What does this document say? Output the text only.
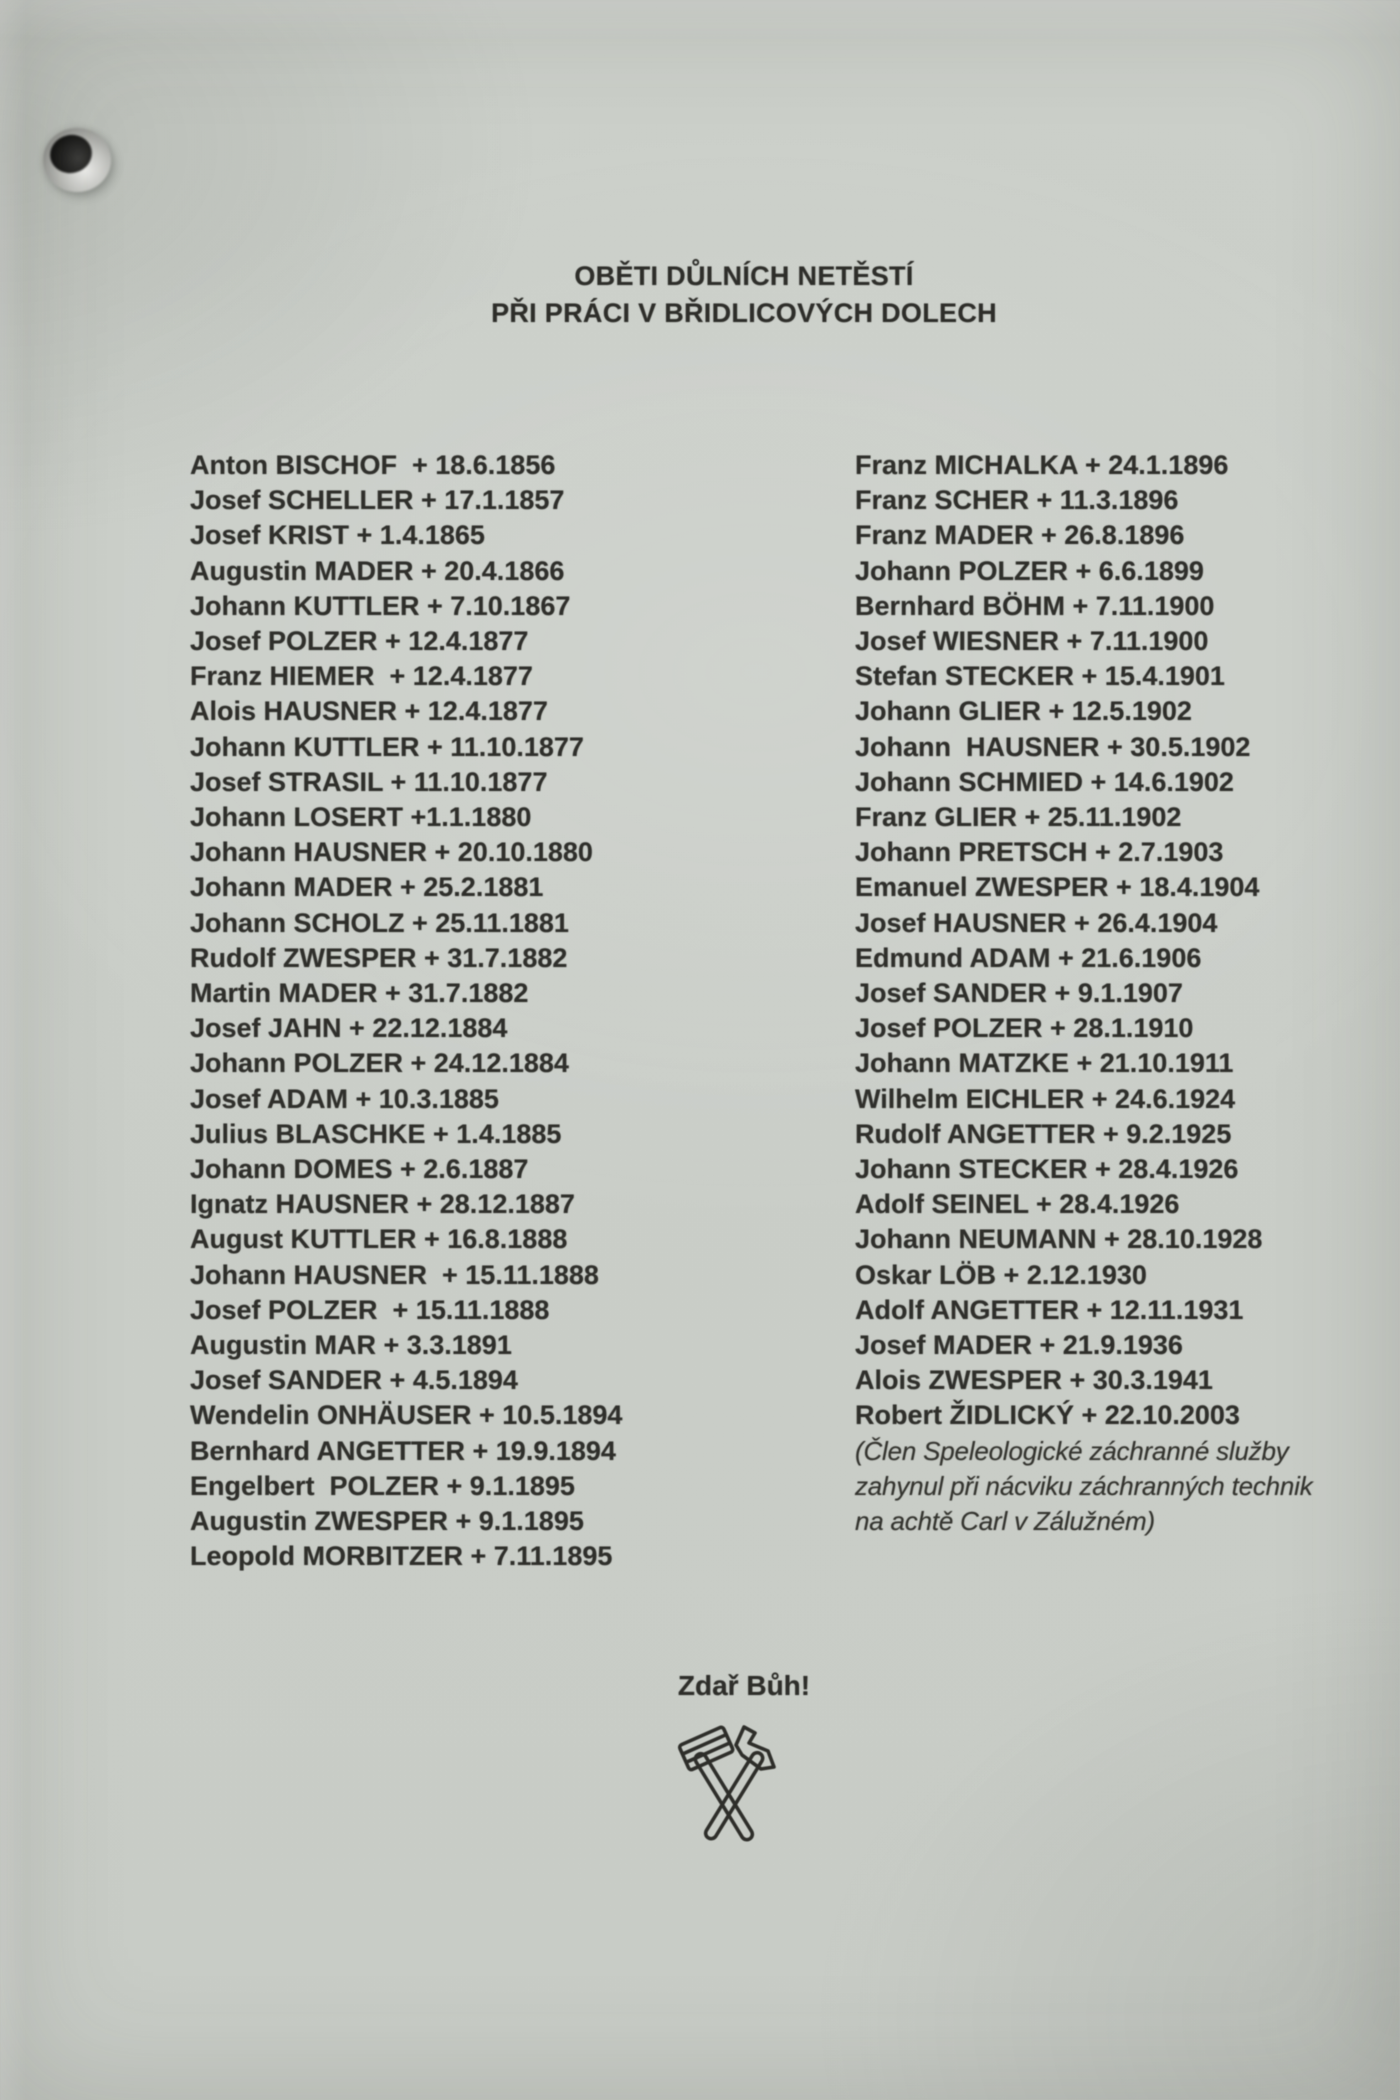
OBĚTI DŮLNÍCH NETĚSTÍ
PŘI PRÁCI V BŘIDLICOVÝCH DOLECH
Anton BISCHOF  + 18.6.1856
Josef SCHELLER + 17.1.1857
Josef KRIST + 1.4.1865
Augustin MADER + 20.4.1866
Johann KUTTLER + 7.10.1867
Josef POLZER + 12.4.1877
Franz HIEMER  + 12.4.1877
Alois HAUSNER + 12.4.1877
Johann KUTTLER + 11.10.1877
Josef STRASIL + 11.10.1877
Johann LOSERT +1.1.1880
Johann HAUSNER + 20.10.1880
Johann MADER + 25.2.1881
Johann SCHOLZ + 25.11.1881
Rudolf ZWESPER + 31.7.1882
Martin MADER + 31.7.1882
Josef JAHN + 22.12.1884
Johann POLZER + 24.12.1884
Josef ADAM + 10.3.1885
Julius BLASCHKE + 1.4.1885
Johann DOMES + 2.6.1887
Ignatz HAUSNER + 28.12.1887
August KUTTLER + 16.8.1888
Johann HAUSNER  + 15.11.1888
Josef POLZER  + 15.11.1888
Augustin MAR + 3.3.1891
Josef SANDER + 4.5.1894
Wendelin ONHÄUSER + 10.5.1894
Bernhard ANGETTER + 19.9.1894
Engelbert  POLZER + 9.1.1895
Augustin ZWESPER + 9.1.1895
Leopold MORBITZER + 7.11.1895
Franz MICHALKA + 24.1.1896
Franz SCHER + 11.3.1896
Franz MADER + 26.8.1896
Johann POLZER + 6.6.1899
Bernhard BÖHM + 7.11.1900
Josef WIESNER + 7.11.1900
Stefan STECKER + 15.4.1901
Johann GLIER + 12.5.1902
Johann  HAUSNER + 30.5.1902
Johann SCHMIED + 14.6.1902
Franz GLIER + 25.11.1902
Johann PRETSCH + 2.7.1903
Emanuel ZWESPER + 18.4.1904
Josef HAUSNER + 26.4.1904
Edmund ADAM + 21.6.1906
Josef SANDER + 9.1.1907
Josef POLZER + 28.1.1910
Johann MATZKE + 21.10.1911
Wilhelm EICHLER + 24.6.1924
Rudolf ANGETTER + 9.2.1925
Johann STECKER + 28.4.1926
Adolf SEINEL + 28.4.1926
Johann NEUMANN + 28.10.1928
Oskar LÖB + 2.12.1930
Adolf ANGETTER + 12.11.1931
Josef MADER + 21.9.1936
Alois ZWESPER + 30.3.1941
Robert ŽIDLICKÝ + 22.10.2003
(Člen Speleologické záchranné služby
zahynul při nácviku záchranných technik
na achtě Carl v Zálužném)
Zdař Bůh!
